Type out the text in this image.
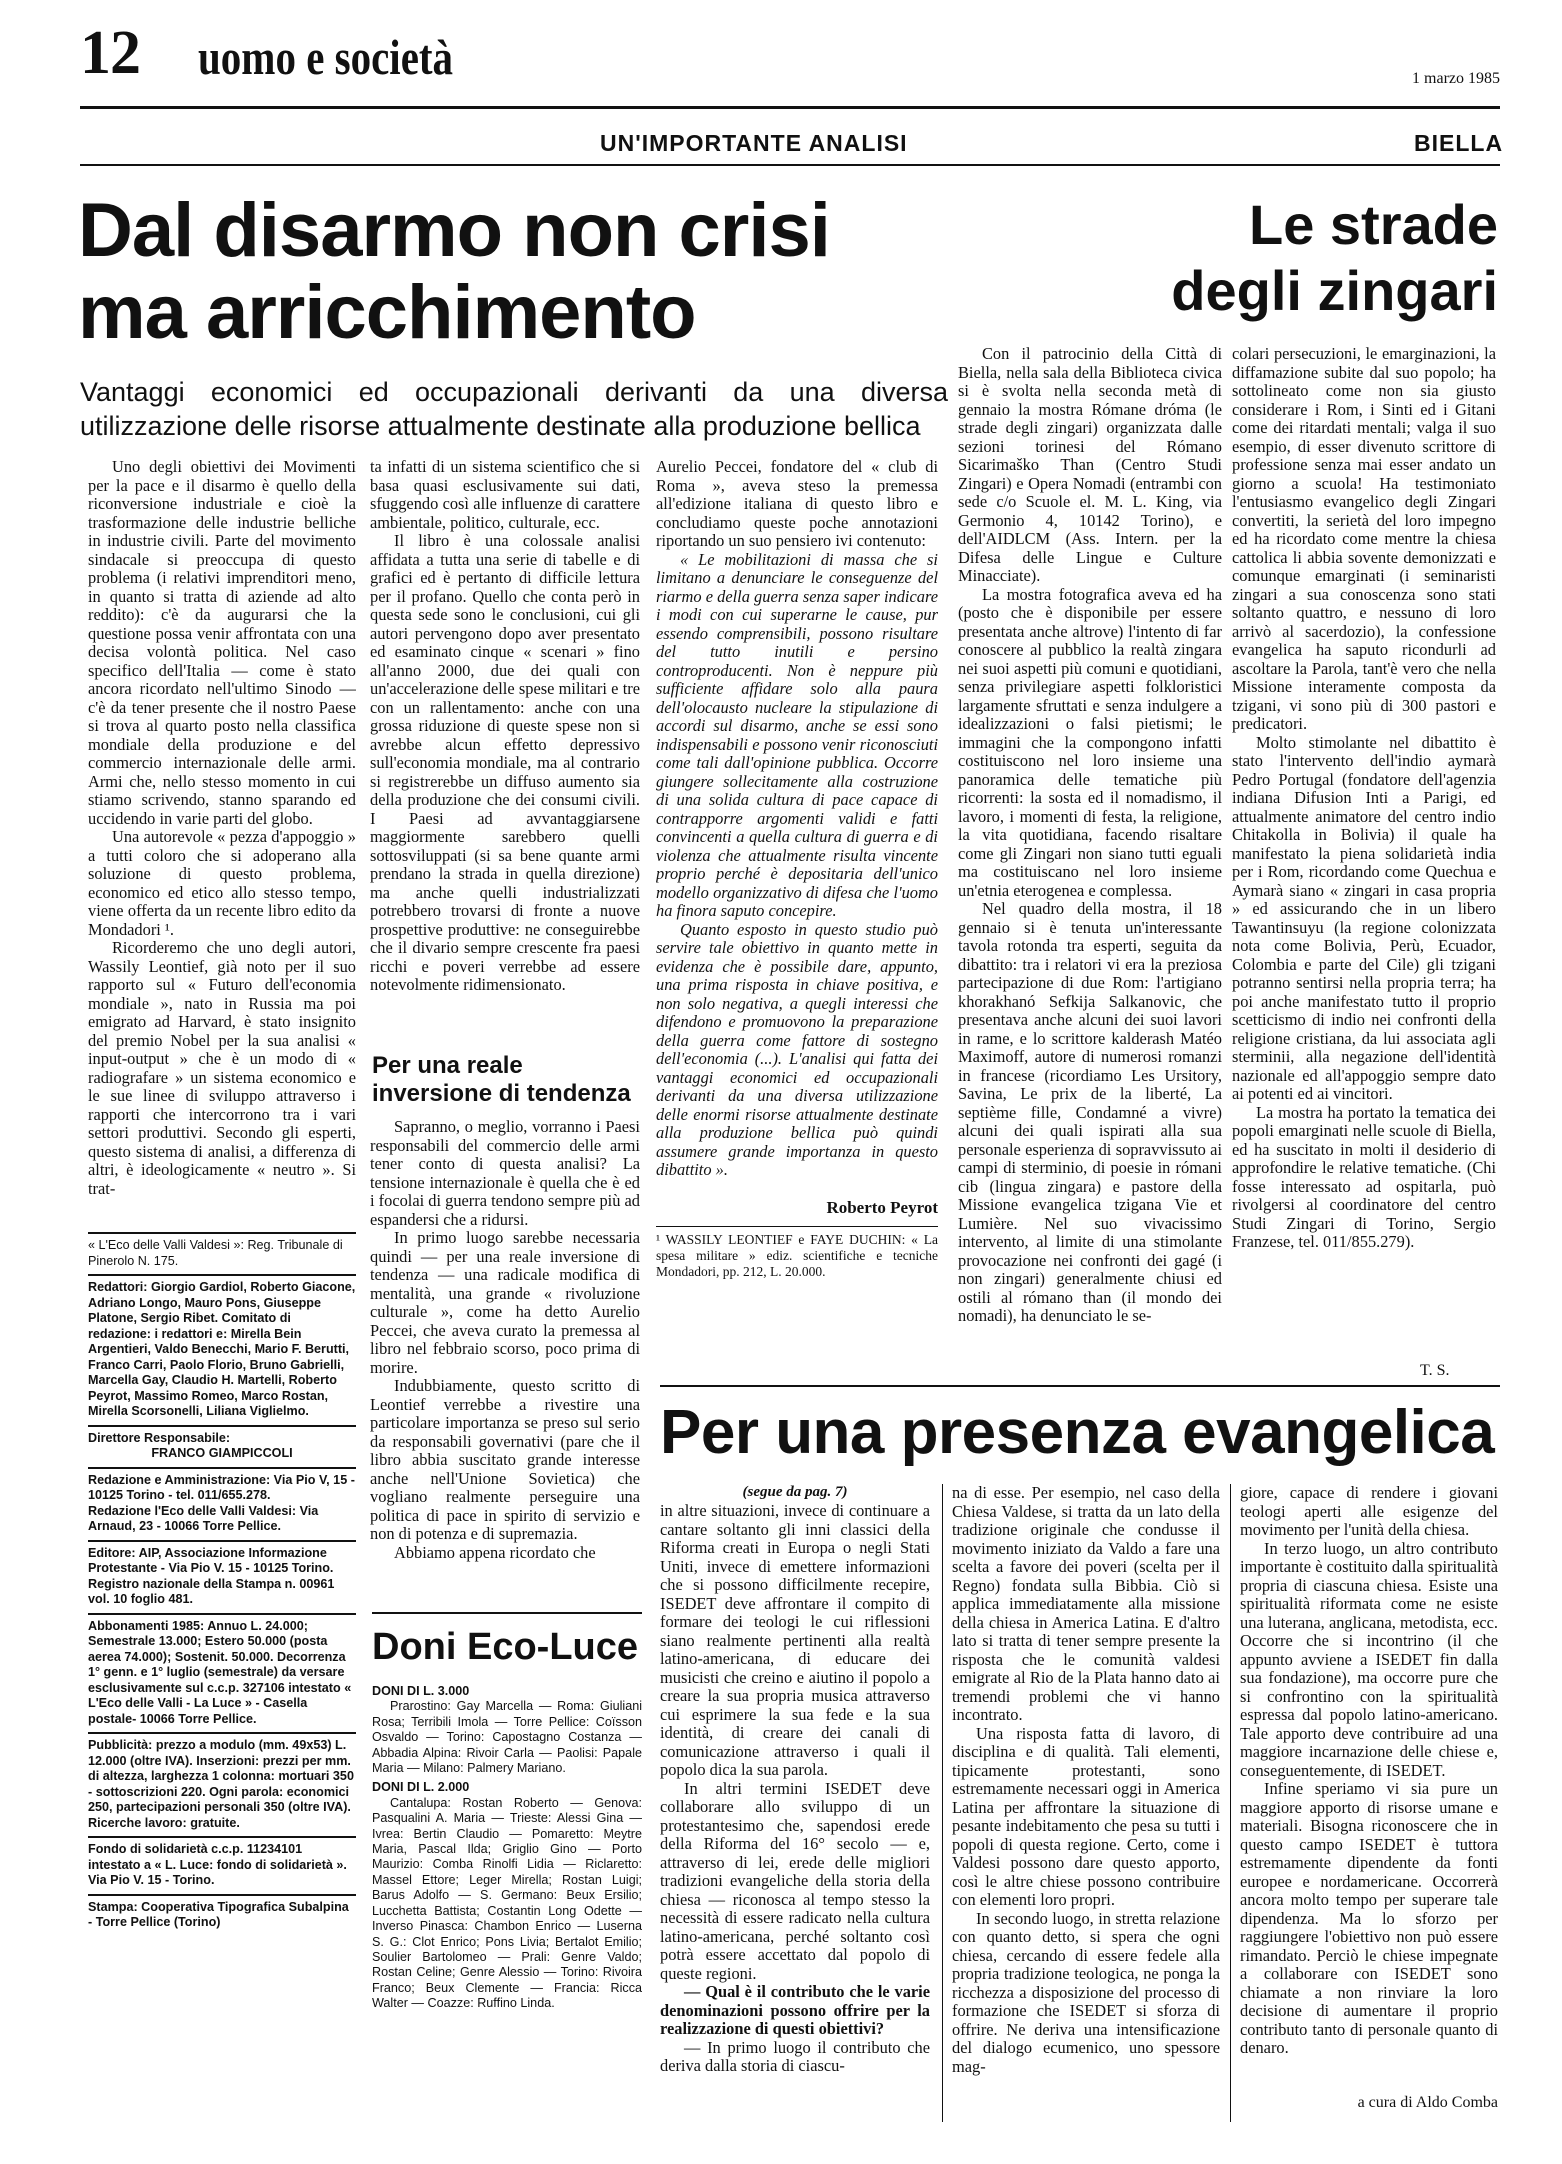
12 uomo e società	1 marzo 1985
UN'IMPORTANTE ANALISI
Dal disarmo non crisi
ma arricchimento
Vantaggi economici ed occupazionali derivanti da una diversa utilizzazione delle risorse attualmente destinate alla produzione bellica

Uno degli obiettivi dei Movimenti per la pace e il disarmo è quello della riconversione industriale e cioè la trasformazione delle industrie belliche in industrie civili. Parte del movimento sindacale si preoccupa di questo problema (i relativi imprenditori meno, in quanto si tratta di aziende ad alto reddito): c'è da augurarsi che la questione possa venir affrontata con una decisa volontà politica. Nel caso specifico dell'Italia — come è stato ancora ricordato nell'ultimo Sinodo — c'è da tener presente che il nostro Paese si trova al quarto posto nella classifica mondiale della produzione e del commercio internazionale delle armi. Armi che, nello stesso momento in cui stiamo scrivendo, stanno sparando ed uccidendo in varie parti del globo.

Una autorevole « pezza d'appoggio » a tutti coloro che si adoperano alla soluzione di questo problema, economico ed etico allo stesso tempo, viene offerta da un recente libro edito da Mondadori ¹.

Ricorderemo che uno degli autori, Wassily Leontief, già noto per il suo rapporto sul « Futuro dell'economia mondiale », nato in Russia ma poi emigrato ad Harvard, è stato insignito del premio Nobel per la sua analisi « input-output » che è un modo di « radiografare » un sistema economico e le sue linee di sviluppo attraverso i rapporti che intercorrono tra i vari settori produttivi. Secondo gli esperti, questo sistema di analisi, a differenza di altri, è ideologicamente « neutro ». Si trat-

ta infatti di un sistema scientifico che si basa quasi esclusivamente sui dati, sfuggendo così alle influenze di carattere ambientale, politico, culturale, ecc.

Il libro è una colossale analisi affidata a tutta una serie di tabelle e di grafici ed è pertanto di difficile lettura per il profano. Quello che conta però in questa sede sono le conclusioni, cui gli autori pervengono dopo aver presentato ed esaminato cinque « scenari » fino all'anno 2000, due dei quali con un'accelerazione delle spese militari e tre con un rallentamento: anche con una grossa riduzione di queste spese non si avrebbe alcun effetto depressivo sull'economia mondiale, ma al contrario si registrerebbe un diffuso aumento sia della produzione che dei consumi civili. I Paesi ad avvantaggiarsene maggiormente sarebbero quelli sottosviluppati (si sa bene quante armi prendano la strada in quella direzione) ma anche quelli industrializzati potrebbero trovarsi di fronte a nuove prospettive produttive: ne conseguirebbe che il divario sempre crescente fra paesi ricchi e poveri verrebbe ad essere notevolmente ridimensionato.

Per una reale inversione di tendenza

Sapranno, o meglio, vorranno i Paesi responsabili del commercio delle armi tener conto di questa analisi? La tensione internazionale è quella che è ed i focolai di guerra tendono sempre più ad espandersi che a ridursi.

In primo luogo sarebbe necessaria quindi — per una reale inversione di tendenza — una radicale modifica di mentalità, una grande « rivoluzione culturale », come ha detto Aurelio Peccei, che aveva curato la premessa al libro nel febbraio scorso, poco prima di morire.

Indubbiamente, questo scritto di Leontief verrebbe a rivestire una particolare importanza se preso sul serio da responsabili governativi (pare che il libro abbia suscitato grande interesse anche nell'Unione Sovietica) che vogliano realmente perseguire una politica di pace in spirito di servizio e non di potenza e di supremazia.

Abbiamo appena ricordato che

Aurelio Peccei, fondatore del « club di Roma », aveva steso la premessa all'edizione italiana di questo libro e concludiamo queste poche annotazioni riportando un suo pensiero ivi contenuto:

« Le mobilitazioni di massa che si limitano a denunciare le conseguenze del riarmo e della guerra senza saper indicare i modi con cui superarne le cause, pur essendo comprensibili, possono risultare del tutto inutili e persino controproducenti. Non è neppure più sufficiente affidare solo alla paura dell'olocausto nucleare la stipulazione di accordi sul disarmo, anche se essi sono indispensabili e possono venir riconosciuti come tali dall'opinione pubblica. Occorre giungere sollecitamente alla costruzione di una solida cultura di pace capace di contrapporre argomenti validi e fatti convincenti a quella cultura di guerra e di violenza che attualmente risulta vincente proprio perché è depositaria dell'unico modello organizzativo di difesa che l'uomo ha finora saputo concepire.

Quanto esposto in questo studio può servire tale obiettivo in quanto mette in evidenza che è possibile dare, appunto, una prima risposta in chiave positiva, e non solo negativa, a quegli interessi che difendono e promuovono la preparazione della guerra come fattore di sostegno dell'economia (...). L'analisi qui fatta dei vantaggi economici ed occupazionali derivanti da una diversa utilizzazione delle enormi risorse attualmente destinate alla produzione bellica può quindi assumere grande importanza in questo dibattito ».

Roberto Peyrot
¹ WASSILY LEONTIEF e FAYE DUCHIN: « La spesa militare » ediz. scientifiche e tecniche Mondadori, pp. 212, L. 20.000.
« L'Eco delle Valli Valdesi »: Reg. Tribunale di Pinerolo N. 175.
Redattori: Giorgio Gardiol, Roberto Giacone, Adriano Longo, Mauro Pons, Giuseppe Platone, Sergio Ribet. Comitato di redazione: i redattori e: Mirella Bein Argentieri, Valdo Benecchi, Mario F. Berutti, Franco Carri, Paolo Florio, Bruno Gabrielli, Marcella Gay, Claudio H. Martelli, Roberto Peyrot, Massimo Romeo, Marco Rostan, Mirella Scorsonelli, Liliana Viglielmo.
Direttore Responsabile:
FRANCO GIAMPICCOLI
Redazione e Amministrazione: Via Pio V, 15 - 10125 Torino - tel. 011/655.278.
Redazione l'Eco delle Valli Valdesi: Via Arnaud, 23 - 10066 Torre Pellice.
Editore: AIP, Associazione Informazione Protestante - Via Pio V. 15 - 10125 Torino. Registro nazionale della Stampa n. 00961 vol. 10 foglio 481.
Abbonamenti 1985: Annuo L. 24.000; Semestrale 13.000; Estero 50.000 (posta aerea 74.000); Sostenit. 50.000. Decorrenza 1° genn. e 1° luglio (semestrale) da versare esclusivamente sul c.c.p. 327106 intestato « L'Eco delle Valli - La Luce » - Casella postale- 10066 Torre Pellice.
Pubblicità: prezzo a modulo (mm. 49x53) L. 12.000 (oltre IVA). Inserzioni: prezzi per mm. di altezza, larghezza 1 colonna: mortuari 350 - sottoscrizioni 220. Ogni parola: economici 250, partecipazioni personali 350 (oltre IVA). Ricerche lavoro: gratuite.
Fondo di solidarietà c.c.p. 11234101 intestato a « L. Luce: fondo di solidarietà ». Via Pio V. 15 - Torino.
Stampa: Cooperativa Tipografica Subalpina - Torre Pellice (Torino)
Doni Eco-Luce
DONI DI L. 3.000
Prarostino: Gay Marcella — Roma: Giuliani Rosa; Terribili Imola — Torre Pellice: Coïsson Osvaldo — Torino: Capostagno Costanza — Abbadia Alpina: Rivoir Carla — Paolisi: Papale Maria — Milano: Palmery Mariano.
DONI DI L. 2.000
Cantalupa: Rostan Roberto — Genova: Pasqualini A. Maria — Trieste: Alessi Gina — Ivrea: Bertin Claudio — Pomaretto: Meytre Maria, Pascal Ilda; Griglio Gino — Porto Maurizio: Comba Rinolfi Lidia — Riclaretto: Massel Ettore; Leger Mirella; Rostan Luigi; Barus Adolfo — S. Germano: Beux Ersilio; Lucchetta Battista; Costantin Long Odette — Inverso Pinasca: Chambon Enrico — Luserna S. G.: Clot Enrico; Pons Livia; Bertalot Emilio; Soulier Bartolomeo — Prali: Genre Valdo; Rostan Celine; Genre Alessio — Torino: Rivoira Franco; Beux Clemente — Francia: Ricca Walter — Coazze: Ruffino Linda.
BIELLA
Le strade
degli zingari

Con il patrocinio della Città di Biella, nella sala della Biblioteca civica si è svolta nella seconda metà di gennaio la mostra Rómane dróma (le strade degli zingari) organizzata dalle sezioni torinesi del Rómano Sicarimaško Than (Centro Studi Zingari) e Opera Nomadi (entrambi con sede c/o Scuole el. M. L. King, via Germonio 4, 10142 Torino), e dell'AIDLCM (Ass. Intern. per la Difesa delle Lingue e Culture Minacciate).

La mostra fotografica aveva ed ha (posto che è disponibile per essere presentata anche altrove) l'intento di far conoscere al pubblico la realtà zingara nei suoi aspetti più comuni e quotidiani, senza privilegiare aspetti folkloristici largamente sfruttati e senza indulgere a idealizzazioni o falsi pietismi; le immagini che la compongono infatti costituiscono nel loro insieme una panoramica delle tematiche più ricorrenti: la sosta ed il nomadismo, il lavoro, i momenti di festa, la religione, la vita quotidiana, facendo risaltare come gli Zingari non siano tutti eguali ma costituiscano nel loro insieme un'etnia eterogenea e complessa.

Nel quadro della mostra, il 18 gennaio si è tenuta un'interessante tavola rotonda tra esperti, seguita da dibattito: tra i relatori vi era la preziosa partecipazione di due Rom: l'artigiano khorakhanó Sefkija Salkanovic, che presentava anche alcuni dei suoi lavori in rame, e lo scrittore kalderash Matéo Maximoff, autore di numerosi romanzi in francese (ricordiamo Les Ursitory, Savina, Le prix de la liberté, La septième fille, Condamné a vivre) alcuni dei quali ispirati alla sua personale esperienza di sopravvissuto ai campi di sterminio, di poesie in rómani cib (lingua zingara) e pastore della Missione evangelica tzigana Vie et Lumière. Nel suo vivacissimo intervento, al limite di una stimolante provocazione nei confronti dei gagé (i non zingari) generalmente chiusi ed ostili al rómano than (il mondo dei nomadi), ha denunciato le se-

colari persecuzioni, le emarginazioni, la diffamazione subite dal suo popolo; ha sottolineato come non sia giusto considerare i Rom, i Sinti ed i Gitani come dei ritardati mentali; valga il suo esempio, di esser divenuto scrittore di professione senza mai esser andato un giorno a scuola! Ha testimoniato l'entusiasmo evangelico degli Zingari convertiti, la serietà del loro impegno ed ha ricordato come mentre la chiesa cattolica li abbia sovente demonizzati e comunque emarginati (i seminaristi zingari a sua conoscenza sono stati soltanto quattro, e nessuno di loro arrivò al sacerdozio), la confessione evangelica ha saputo ricondurli ad ascoltare la Parola, tant'è vero che nella Missione interamente composta da tzigani, vi sono più di 300 pastori e predicatori.

Molto stimolante nel dibattito è stato l'intervento dell'indio aymarà Pedro Portugal (fondatore dell'agenzia indiana Difusion Inti a Parigi, ed attualmente animatore del centro indio Chitakolla in Bolivia) il quale ha manifestato la piena solidarietà india per i Rom, ricordando come Quechua e Aymarà siano « zingari in casa propria » ed assicurando che in un libero Tawantinsuyu (la regione colonizzata nota come Bolivia, Perù, Ecuador, Colombia e parte del Cile) gli tzigani potranno sentirsi nella propria terra; ha poi anche manifestato tutto il proprio scetticismo di indio nei confronti della religione cristiana, da lui associata agli sterminii, alla negazione dell'identità nazionale ed all'appoggio sempre dato ai potenti ed ai vincitori.

La mostra ha portato la tematica dei popoli emarginati nelle scuole di Biella, ed ha suscitato in molti il desiderio di approfondire le relative tematiche. (Chi fosse interessato ad ospitarla, può rivolgersi al coordinatore del centro Studi Zingari di Torino, Sergio Franzese, tel. 011/855.279).

T. S.
Per una presenza evangelica
(segue da pag. 7)

in altre situazioni, invece di continuare a cantare soltanto gli inni classici della Riforma creati in Europa o negli Stati Uniti, invece di emettere informazioni che si possono difficilmente recepire, ISEDET deve affrontare il compito di formare dei teologi le cui riflessioni siano realmente pertinenti alla realtà latino-americana, di educare dei musicisti che creino e aiutino il popolo a creare la sua propria musica attraverso cui esprimere la sua fede e la sua identità, di creare dei canali di comunicazione attraverso i quali il popolo dica la sua parola.

In altri termini ISEDET deve collaborare allo sviluppo di un protestantesimo che, sapendosi erede della Riforma del 16° secolo — e, attraverso di lei, erede delle migliori tradizioni evangeliche della storia della chiesa — riconosca al tempo stesso la necessità di essere radicato nella cultura latino-americana, perché soltanto così potrà essere accettato dal popolo di queste regioni.

— Qual è il contributo che le varie denominazioni possono offrire per la realizzazione di questi obiettivi?

— In primo luogo il contributo che deriva dalla storia di ciascu-

na di esse. Per esempio, nel caso della Chiesa Valdese, si tratta da un lato della tradizione originale che condusse il movimento iniziato da Valdo a fare una scelta a favore dei poveri (scelta per il Regno) fondata sulla Bibbia. Ciò si applica immediatamente alla missione della chiesa in America Latina. E d'altro lato si tratta di tener sempre presente la risposta che le comunità valdesi emigrate al Rio de la Plata hanno dato ai tremendi problemi che vi hanno incontrato.

Una risposta fatta di lavoro, di disciplina e di qualità. Tali elementi, tipicamente protestanti, sono estremamente necessari oggi in America Latina per affrontare la situazione di pesante indebitamento che pesa su tutti i popoli di questa regione. Certo, come i Valdesi possono dare questo apporto, così le altre chiese possono contribuire con elementi loro propri.

In secondo luogo, in stretta relazione con quanto detto, si spera che ogni chiesa, cercando di essere fedele alla propria tradizione teologica, ne ponga la ricchezza a disposizione del processo di formazione che ISEDET si sforza di offrire. Ne deriva una intensificazione del dialogo ecumenico, uno spessore mag-

giore, capace di rendere i giovani teologi aperti alle esigenze del movimento per l'unità della chiesa.

In terzo luogo, un altro contributo importante è costituito dalla spiritualità propria di ciascuna chiesa. Esiste una spiritualità riformata come ne esiste una luterana, anglicana, metodista, ecc. Occorre che si incontrino (il che appunto avviene a ISEDET fin dalla sua fondazione), ma occorre pure che si confrontino con la spiritualità espressa dal popolo latino-americano. Tale apporto deve contribuire ad una maggiore incarnazione delle chiese e, conseguentemente, di ISEDET.

Infine speriamo vi sia pure un maggiore apporto di risorse umane e materiali. Bisogna riconoscere che in questo campo ISEDET è tuttora estremamente dipendente da fonti europee e nordamericane. Occorrerà ancora molto tempo per superare tale dipendenza. Ma lo sforzo per raggiungere l'obiettivo non può essere rimandato. Perciò le chiese impegnate a collaborare con ISEDET sono chiamate a non rinviare la loro decisione di aumentare il proprio contributo tanto di personale quanto di denaro.

a cura di Aldo Comba
